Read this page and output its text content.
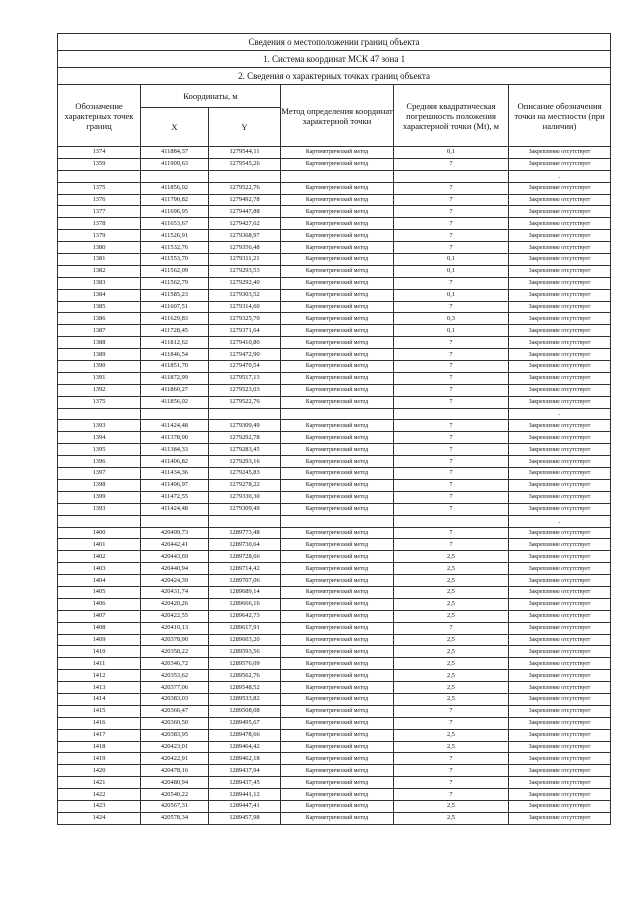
Сведения о местоположении границ объекта					
1. Система координат МСК 47 зона 1					
2. Сведения о характерных точках границ объекта					
Обозначение характерных точек границ	Координаты, м		Метод определения координат характерной точки	Средняя квадратическая погрешность положения характерной точки (Mt), м	Описание обозначения точки на местности (при наличии)
	X	Y			
1374	411884,37	1279544,11	Картометрический метод	0,1	Закрепление отсутствует
1359	411909,63	1279545,26	Картометрический метод	7	Закрепление отсутствует
					-
1375	411856,02	1279522,76	Картометрический метод	7	Закрепление отсутствует
1376	411790,82	1279492,78	Картометрический метод	7	Закрепление отсутствует
1377	411696,95	1279447,88	Картометрический метод	7	Закрепление отсутствует
1378	411653,67	1279427,62	Картометрический метод	7	Закрепление отсутствует
1379	411526,91	1279368,97	Картометрический метод	7	Закрепление отсутствует
1380	411532,76	1279356,48	Картометрический метод	7	Закрепление отсутствует
1381	411553,70	1279311,21	Картометрический метод	0,1	Закрепление отсутствует
1382	411562,09	1279293,53	Картометрический метод	0,1	Закрепление отсутствует
1383	411562,79	1279292,40	Картометрический метод	7	Закрепление отсутствует
1384	411585,23	1279303,52	Картометрический метод	0,1	Закрепление отсутствует
1385	411607,51	1279314,60	Картометрический метод	7	Закрепление отсутствует
1386	411629,83	1279325,70	Картометрический метод	0,3	Закрепление отсутствует
1387	411728,45	1279371,64	Картометрический метод	0,1	Закрепление отсутствует
1388	411812,62	1279410,80	Картометрический метод	7	Закрепление отсутствует
1389	411846,54	1279472,90	Картометрический метод	7	Закрепление отсутствует
1390	411851,70	1279470,54	Картометрический метод	7	Закрепление отсутствует
1391	411872,99	1279517,13	Картометрический метод	7	Закрепление отсутствует
1392	411860,27	1279523,03	Картометрический метод	7	Закрепление отсутствует
1375	411856,02	1279522,76	Картометрический метод	7	Закрепление отсутствует
					-
1393	411424,48	1279309,49	Картометрический метод	7	Закрепление отсутствует
1394	411378,90	1279292,78	Картометрический метод	7	Закрепление отсутствует
1395	411384,33	1279283,45	Картометрический метод	7	Закрепление отсутствует
1396	411406,82	1279293,16	Картометрический метод	7	Закрепление отсутствует
1397	411434,36	1279245,83	Картометрический метод	7	Закрепление отсутствует
1398	411496,97	1279278,22	Картометрический метод	7	Закрепление отсутствует
1399	411472,55	1279330,30	Картометрический метод	7	Закрепление отсутствует
1393	411424,48	1279309,49	Картометрический метод	7	Закрепление отсутствует
					-
1400	420499,73	1289773,48	Картометрический метод	7	Закрепление отсутствует
1401	420442,41	1289730,64	Картометрический метод	7	Закрепление отсутствует
1402	420443,69	1289728,66	Картометрический метод	2,5	Закрепление отсутствует
1403	420440,94	1289714,42	Картометрический метод	2,5	Закрепление отсутствует
1404	420424,39	1289707,06	Картометрический метод	2,5	Закрепление отсутствует
1405	420431,74	1289689,14	Картометрический метод	2,5	Закрепление отсутствует
1406	420420,26	1289666,16	Картометрический метод	2,5	Закрепление отсутствует
1407	420422,55	1289642,73	Картометрический метод	2,5	Закрепление отсутствует
1408	420410,13	1289617,91	Картометрический метод	7	Закрепление отсутствует
1409	420378,90	1289603,20	Картометрический метод	2,5	Закрепление отсутствует
1410	420358,22	1289593,56	Картометрический метод	2,5	Закрепление отсутствует
1411	420346,72	1289576,09	Картометрический метод	2,5	Закрепление отсутствует
1412	420353,62	1289562,76	Картометрический метод	2,5	Закрепление отсутствует
1413	420377,06	1289548,52	Картометрический метод	2,5	Закрепление отсутствует
1414	420383,03	1289533,82	Картометрический метод	2,5	Закрепление отсутствует
1415	420366,47	1289508,08	Картометрический метод	7	Закрепление отсутствует
1416	420360,50	1289495,67	Картометрический метод	7	Закрепление отсутствует
1417	420383,95	1289478,66	Картометрический метод	2,5	Закрепление отсутствует
1418	420423,01	1289464,42	Картометрический метод	2,5	Закрепление отсутствует
1419	420422,91	1289462,18	Картометрический метод	7	Закрепление отсутствует
1420	420478,16	1289437,94	Картометрический метод	7	Закрепление отсутствует
1421	420480,94	1289437,45	Картометрический метод	7	Закрепление отсутствует
1422	420540,22	1289441,12	Картометрический метод	7	Закрепление отсутствует
1423	420567,31	1289447,41	Картометрический метод	2,5	Закрепление отсутствует
1424	420578,34	1289457,98	Картометрический метод	2,5	Закрепление отсутствует
